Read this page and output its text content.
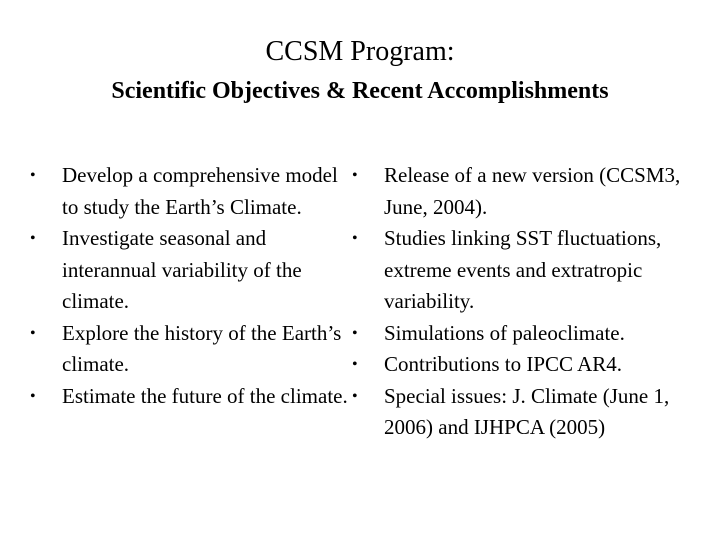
CCSM Program:
Scientific Objectives & Recent Accomplishments
•	Develop a comprehensive model to study the Earth’s Climate.
•	Investigate seasonal and interannual variability of the climate.
•	Explore the history of the Earth’s climate.
•	Estimate the future of the climate.
•	Release of a new version (CCSM3, June, 2004).
•	Studies linking SST fluctuations, extreme events and extratropic variability.
•	Simulations of paleoclimate.
•	Contributions to IPCC AR4.
•	Special issues: J. Climate (June 1, 2006) and IJHPCA (2005)
